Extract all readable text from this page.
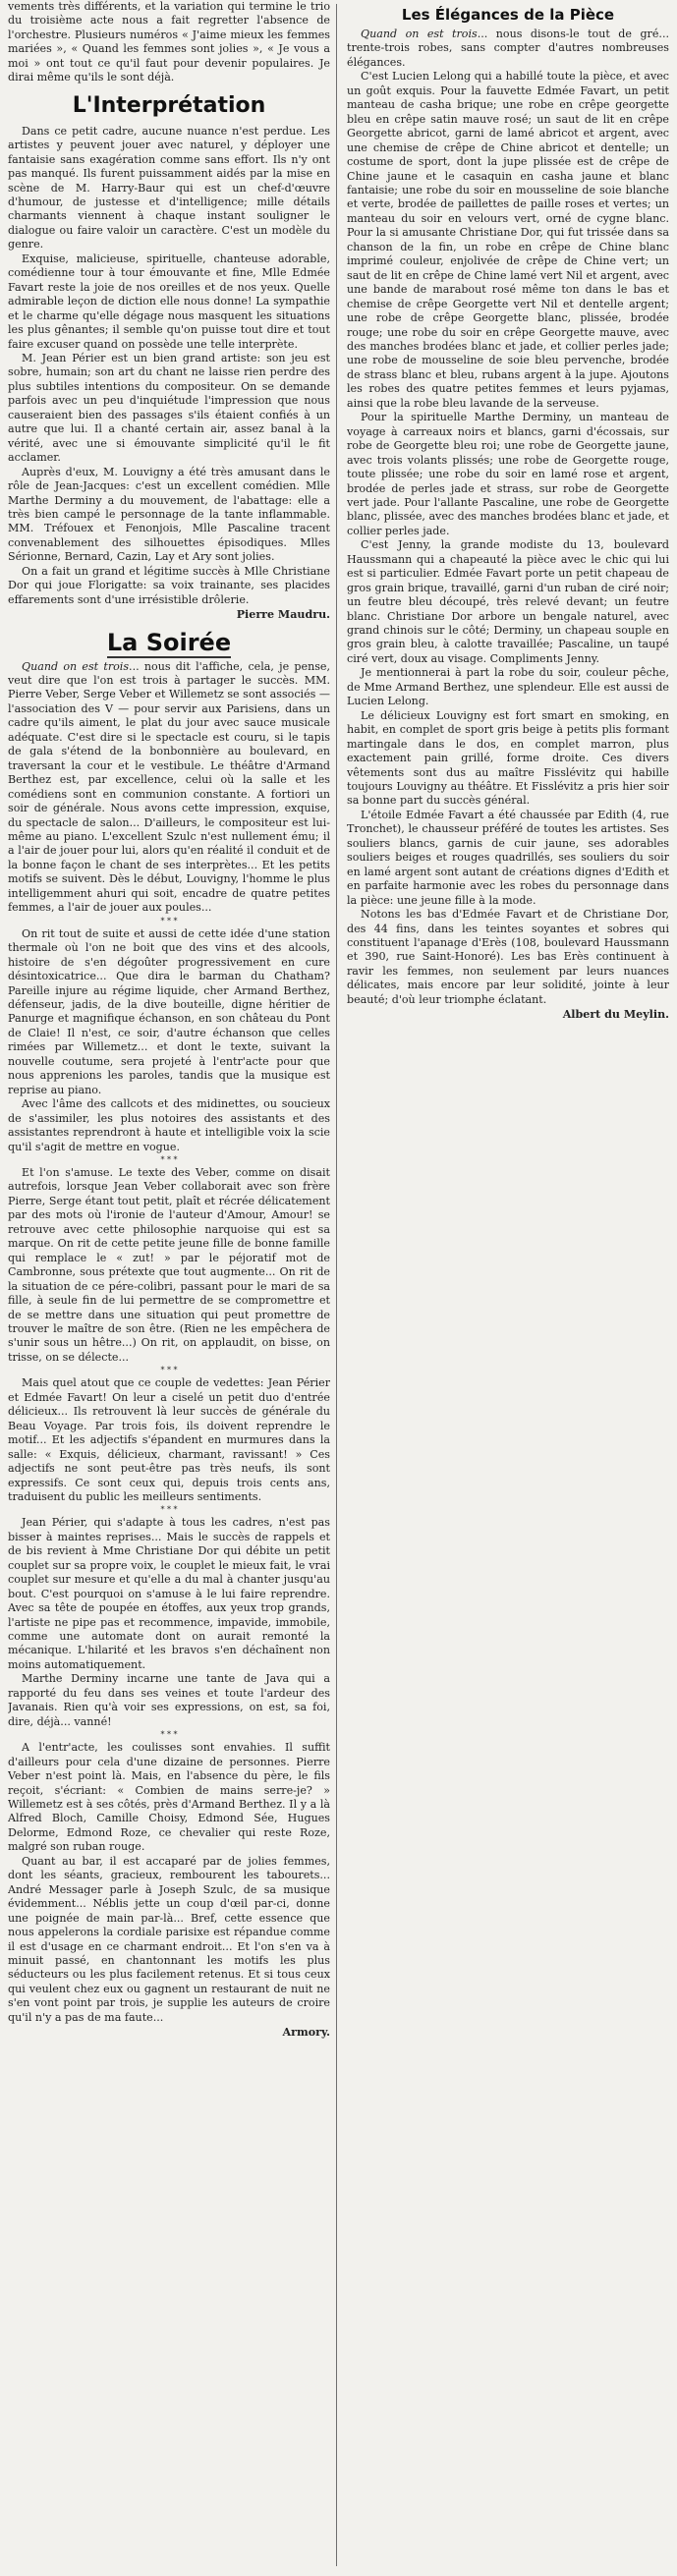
vements très différents, et la variation qui termine le trio du troisième acte nous a fait regretter l'absence de l'orchestre. Plusieurs numéros « J'aime mieux les femmes mariées », « Quand les femmes sont jolies », « Je vous a moi » ont tout ce qu'il faut pour devenir populaires. Je dirai même qu'ils le sont déjà.

L'Interprétation

Dans ce petit cadre, aucune nuance n'est perdue. Les artistes y peuvent jouer avec naturel, y déployer une fantaisie sans exagération comme sans effort. Ils n'y ont pas manqué. Ils furent puissamment aidés par la mise en scène de M. Harry-Baur qui est un chef-d'œuvre d'humour, de justesse et d'intelligence; mille détails charmants viennent à chaque instant souligner le dialogue ou faire valoir un caractère. C'est un modèle du genre.

Exquise, malicieuse, spirituelle, chanteuse adorable, comédienne tour à tour émouvante et fine, Mlle Edmée Favart reste la joie de nos oreilles et de nos yeux. Quelle admirable leçon de diction elle nous donne! La sympathie et le charme qu'elle dégage nous masquent les situations les plus gênantes; il semble qu'on puisse tout dire et tout faire excuser quand on possède une telle interprète.

M. Jean Périer est un bien grand artiste: son jeu est sobre, humain; son art du chant ne laisse rien perdre des plus subtiles intentions du compositeur. On se demande parfois avec un peu d'inquiétude l'impression que nous causeraient bien des passages s'ils étaient confiés à un autre que lui. Il a chanté certain air, assez banal à la vérité, avec une si émouvante simplicité qu'il le fit acclamer.

Auprès d'eux, M. Louvigny a été très amusant dans le rôle de Jean-Jacques: c'est un excellent comédien. Mlle Marthe Derminy a du mouvement, de l'abattage: elle a très bien campé le personnage de la tante inflammable. MM. Tréfouex et Fenonjois, Mlle Pascaline tracent convenablement des silhouettes épisodiques. Mlles Sérionne, Bernard, Cazin, Lay et Ary sont jolies.

On a fait un grand et légitime succès à Mlle Christiane Dor qui joue Florigatte: sa voix trainante, ses placides effarements sont d'une irrésistible drôlerie.

Pierre Maudru.

La Soirée

Quand on est trois... nous dit l'affiche, cela, je pense, veut dire que l'on est trois à partager le succès. MM. Pierre Veber, Serge Veber et Willemetz se sont associés — l'association des V — pour servir aux Parisiens, dans un cadre qu'ils aiment, le plat du jour avec sauce musicale adéquate. C'est dire si le spectacle est couru, si le tapis de gala s'étend de la bonbonnière au boulevard, en traversant la cour et le vestibule. Le théâtre d'Armand Berthez est, par excellence, celui où la salle et les comédiens sont en communion constante. A fortiori un soir de générale. Nous avons cette impression, exquise, du spectacle de salon... D'ailleurs, le compositeur est lui-même au piano. L'excellent Szulc n'est nullement ému; il a l'air de jouer pour lui, alors qu'en réalité il conduit et de la bonne façon le chant de ses interprètes... Et les petits motifs se suivent. Dès le début, Louvigny, l'homme le plus intelligemment ahuri qui soit, encadre de quatre petites femmes, a l'air de jouer aux poules...

* * *

On rit tout de suite et aussi de cette idée d'une station thermale où l'on ne boit que des vins et des alcools, histoire de s'en dégoûter progressivement en cure désintoxicatrice... Que dira le barman du Chatham? Pareille injure au régime liquide, cher Armand Berthez, défenseur, jadis, de la dive bouteille, digne héritier de Panurge et magnifique échanson, en son château du Pont de Claie! Il n'est, ce soir, d'autre échanson que celles rimées par Willemetz... et dont le texte, suivant la nouvelle coutume, sera projeté à l'entr'acte pour que nous apprenions les paroles, tandis que la musique est reprise au piano.

Avec l'âme des callcots et des midinettes, ou soucieux de s'assimiler, les plus notoires des assistants et des assistantes reprendront à haute et intelligible voix la scie qu'il s'agit de mettre en vogue.

* * *

Et l'on s'amuse. Le texte des Veber, comme on disait autrefois, lorsque Jean Veber collaborait avec son frère Pierre, Serge étant tout petit, plaît et récrée délicatement par des mots où l'ironie de l'auteur d'Amour, Amour! se retrouve avec cette philosophie narquoise qui est sa marque. On rit de cette petite jeune fille de bonne famille qui remplace le « zut! » par le péjoratif mot de Cambronne, sous prétexte que tout augmente... On rit de la situation de ce pére-colibri, passant pour le mari de sa fille, à seule fin de lui permettre de se compromettre et de se mettre dans une situation qui peut promettre de trouver le maître de son être. (Rien ne les empêchera de s'unir sous un hêtre...) On rit, on applaudit, on bisse, on trisse, on se délecte...

* * *

Mais quel atout que ce couple de vedettes: Jean Périer et Edmée Favart! On leur a ciselé un petit duo d'entrée délicieux... Ils retrouvent là leur succès de générale du Beau Voyage. Par trois fois, ils doivent reprendre le motif... Et les adjectifs s'épandent en murmures dans la salle: « Exquis, délicieux, charmant, ravissant! » Ces adjectifs ne sont peut-être pas très neufs, ils sont expressifs. Ce sont ceux qui, depuis trois cents ans, traduisent du public les meilleurs sentiments.

* * *

Jean Périer, qui s'adapte à tous les cadres, n'est pas bisser à maintes reprises... Mais le succès de rappels et de bis revient à Mme Christiane Dor qui débite un petit couplet sur sa propre voix, le couplet le mieux fait, le vrai couplet sur mesure et qu'elle a du mal à chanter jusqu'au bout. C'est pourquoi on s'amuse à le lui faire reprendre. Avec sa tête de poupée en étoffes, aux yeux trop grands, l'artiste ne pipe pas et recommence, impavide, immobile, comme une automate dont on aurait remonté la mécanique. L'hilarité et les bravos s'en déchaînent non moins automatiquement.

Marthe Derminy incarne une tante de Java qui a rapporté du feu dans ses veines et toute l'ardeur des Javanais. Rien qu'à voir ses expressions, on est, sa foi, dire, déjà... vanné!

* * *

A l'entr'acte, les coulisses sont envahies. Il suffit d'ailleurs pour cela d'une dizaine de personnes. Pierre Veber n'est point là. Mais, en l'absence du père, le fils reçoit, s'écriant: « Combien de mains serre-je? » Willemetz est à ses côtés, près d'Armand Berthez. Il y a là Alfred Bloch, Camille Choisy, Edmond Sée, Hugues Delorme, Edmond Roze, ce chevalier qui reste Roze, malgré son ruban rouge.

Quant au bar, il est accaparé par de jolies femmes, dont les séants, gracieux, rembourent les tabourets... André Messager parle à Joseph Szulc, de sa musique évidemment... Néblis jette un coup d'œil par-ci, donne une poignée de main par-là... Bref, cette essence que nous appelerons la cordiale parisixe est répandue comme il est d'usage en ce charmant endroit... Et l'on s'en va à minuit passé, en chantonnant les motifs les plus séducteurs ou les plus facilement retenus. Et si tous ceux qui veulent chez eux ou gagnent un restaurant de nuit ne s'en vont point par trois, je supplie les auteurs de croire qu'il n'y a pas de ma faute...

Armory.

Les Élégances de la Pièce

Quand on est trois... nous disons-le tout de gré... trente-trois robes, sans compter d'autres nombreuses élégances.

C'est Lucien Lelong qui a habillé toute la pièce, et avec un goût exquis. Pour la fauvette Edmée Favart, un petit manteau de casha brique; une robe en crêpe georgette bleu en crêpe satin mauve rosé; un saut de lit en crêpe Georgette abricot, garni de lamé abricot et argent, avec une chemise de crêpe de Chine abricot et dentelle; un costume de sport, dont la jupe plissée est de crêpe de Chine jaune et le casaquin en casha jaune et blanc fantaisie; une robe du soir en mousseline de soie blanche et verte, brodée de paillettes de paille roses et vertes; un manteau du soir en velours vert, orné de cygne blanc. Pour la si amusante Christiane Dor, qui fut trissée dans sa chanson de la fin, un robe en crêpe de Chine blanc imprimé couleur, enjolivée de crêpe de Chine vert; un saut de lit en crêpe de Chine lamé vert Nil et argent, avec une bande de marabout rosé même ton dans le bas et chemise de crêpe Georgette vert Nil et dentelle argent; une robe de crêpe Georgette blanc, plissée, brodée rouge; une robe du soir en crêpe Georgette mauve, avec des manches brodées blanc et jade, et collier perles jade; une robe de mousseline de soie bleu pervenche, brodée de strass blanc et bleu, rubans argent à la jupe. Ajoutons les robes des quatre petites femmes et leurs pyjamas, ainsi que la robe bleu lavande de la serveuse.

Pour la spirituelle Marthe Derminy, un manteau de voyage à carreaux noirs et blancs, garni d'écossais, sur robe de Georgette bleu roi; une robe de Georgette jaune, avec trois volants plissés; une robe de Georgette rouge, toute plissée; une robe du soir en lamé rose et argent, brodée de perles jade et strass, sur robe de Georgette vert jade. Pour l'allante Pascaline, une robe de Georgette blanc, plissée, avec des manches brodées blanc et jade, et collier perles jade.

C'est Jenny, la grande modiste du 13, boulevard Haussmann qui a chapeauté la pièce avec le chic qui lui est si particulier. Edmée Favart porte un petit chapeau de gros grain brique, travaillé, garni d'un ruban de ciré noir; un feutre bleu découpé, très relevé devant; un feutre blanc. Christiane Dor arbore un bengale naturel, avec grand chinois sur le côté; Derminy, un chapeau souple en gros grain bleu, à calotte travaillée; Pascaline, un taupé ciré vert, doux au visage. Compliments Jenny.

Je mentionnerai à part la robe du soir, couleur pêche, de Mme Armand Berthez, une splendeur. Elle est aussi de Lucien Lelong.

Le délicieux Louvigny est fort smart en smoking, en habit, en complet de sport gris beige à petits plis formant martingale dans le dos, en complet marron, plus exactement pain grillé, forme droite. Ces divers vêtements sont dus au maître Fisslévitz qui habille toujours Louvigny au théâtre. Et Fisslévitz a pris hier soir sa bonne part du succès général.

L'étoile Edmée Favart a été chaussée par Edith (4, rue Tronchet), le chausseur préféré de toutes les artistes. Ses souliers blancs, garnis de cuir jaune, ses adorables souliers beiges et rouges quadrillés, ses souliers du soir en lamé argent sont autant de créations dignes d'Edith et en parfaite harmonie avec les robes du personnage dans la pièce: une jeune fille à la mode.

Notons les bas d'Edmée Favart et de Christiane Dor, des 44 fins, dans les teintes soyantes et sobres qui constituent l'apanage d'Erès (108, boulevard Haussmann et 390, rue Saint-Honoré). Les bas Erès continuent à ravir les femmes, non seulement par leurs nuances délicates, mais encore par leur solidité, jointe à leur beauté; d'où leur triomphe éclatant.

Albert du Meylin.
